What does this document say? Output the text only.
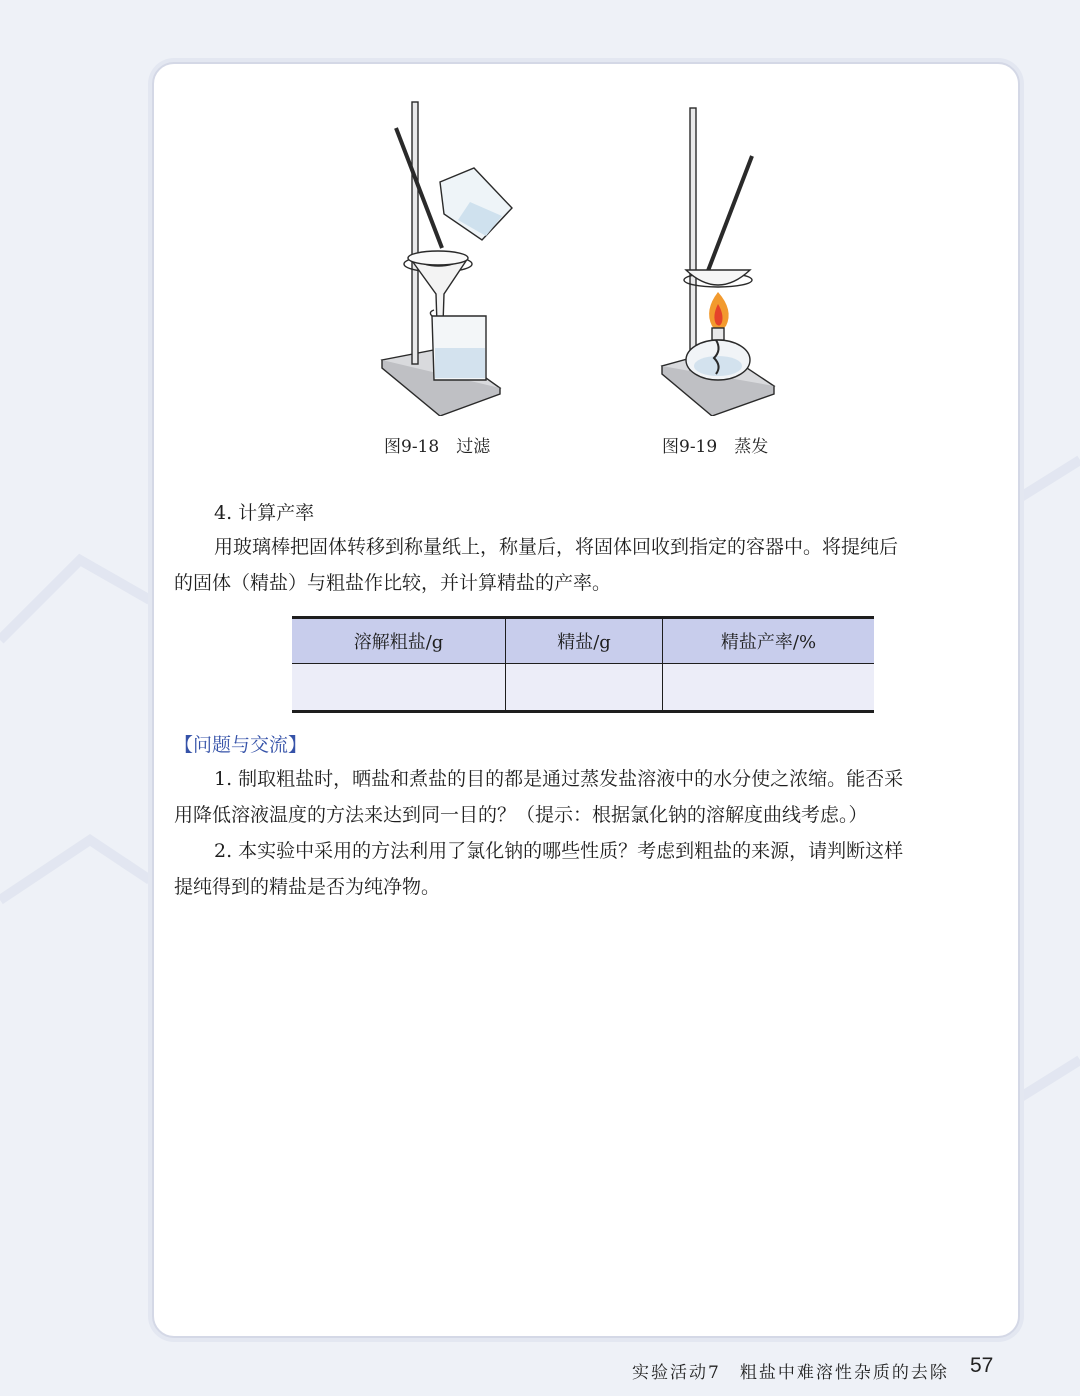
图9-18　过滤	图9-19　蒸发
4. 计算产率
用玻璃棒把固体转移到称量纸上，称量后，将固体回收到指定的容器中。将提纯后
的固体（精盐）与粗盐作比较，并计算精盐的产率。
溶解粗盐/g	精盐/g	精盐产率/%

【问题与交流】
1. 制取粗盐时，晒盐和煮盐的目的都是通过蒸发盐溶液中的水分使之浓缩。能否采
用降低溶液温度的方法来达到同一目的？（提示：根据氯化钠的溶解度曲线考虑。）
2. 本实验中采用的方法利用了氯化钠的哪些性质？考虑到粗盐的来源，请判断这样
提纯得到的精盐是否为纯净物。
实验活动7　粗盐中难溶性杂质的去除 57
